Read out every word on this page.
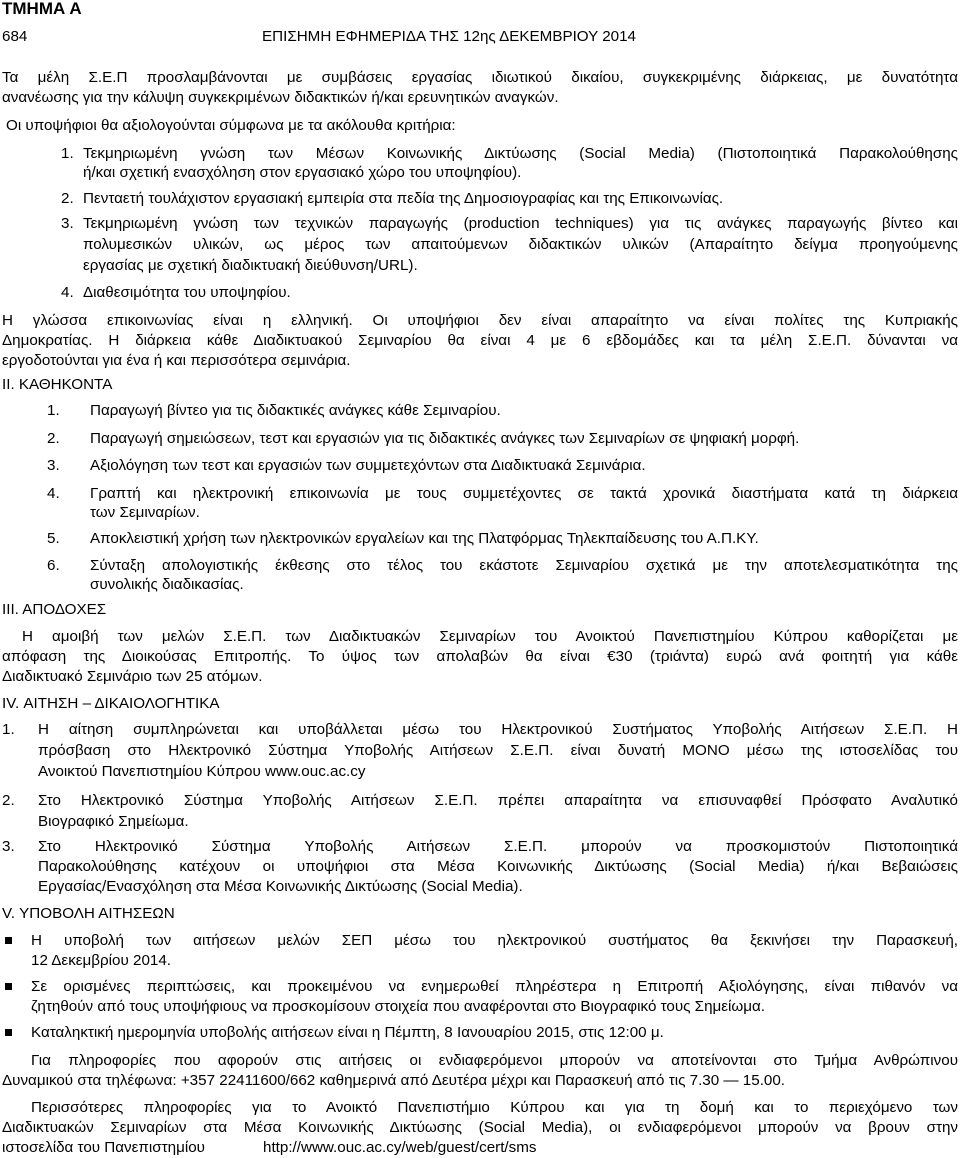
ΤΜΗΜΑ Α
684	ΕΠΙΣΗΜΗ ΕΦΗΜΕΡΙΔΑ ΤΗΣ 12ης ΔΕΚΕΜΒΡΙΟΥ 2014
Τα μέλη Σ.Ε.Π προσλαμβάνονται με συμβάσεις εργασίας ιδιωτικού δικαίου, συγκεκριμένης διάρκειας, με δυνατότητα
ανανέωσης για την κάλυψη συγκεκριμένων διδακτικών ή/και ερευνητικών αναγκών.
Οι υποψήφιοι θα αξιολογούνται σύμφωνα με τα ακόλουθα κριτήρια:
1. Τεκμηριωμένη γνώση των Μέσων Κοινωνικής Δικτύωσης (Social Media) (Πιστοποιητικά Παρακολούθησης
ή/και σχετική ενασχόληση στον εργασιακό χώρο του υποψηφίου).
2. Πενταετή τουλάχιστον εργασιακή εμπειρία στα πεδία της Δημοσιογραφίας και της Επικοινωνίας.
3. Τεκμηριωμένη γνώση των τεχνικών παραγωγής (production techniques) για τις ανάγκες παραγωγής βίντεο και
πολυμεσικών υλικών, ως μέρος των απαιτούμενων διδακτικών υλικών (Απαραίτητο δείγμα προηγούμενης
εργασίας με σχετική διαδικτυακή διεύθυνση/URL).
4. Διαθεσιμότητα του υποψηφίου.
Η γλώσσα επικοινωνίας είναι η ελληνική. Οι υποψήφιοι δεν είναι απαραίτητο να είναι πολίτες της Κυπριακής
Δημοκρατίας. Η διάρκεια κάθε Διαδικτυακού Σεμιναρίου θα είναι 4 με 6 εβδομάδες και τα μέλη Σ.Ε.Π. δύνανται να
εργοδοτούνται για ένα ή και περισσότερα σεμινάρια.
ΙΙ. ΚΑΘΗΚΟΝΤΑ
1. Παραγωγή βίντεο για τις διδακτικές ανάγκες κάθε Σεμιναρίου.
2. Παραγωγή σημειώσεων, τεστ και εργασιών για τις διδακτικές ανάγκες των Σεμιναρίων σε ψηφιακή μορφή.
3. Αξιολόγηση των τεστ και εργασιών των συμμετεχόντων στα Διαδικτυακά Σεμινάρια.
4. Γραπτή και ηλεκτρονική επικοινωνία με τους συμμετέχοντες σε τακτά χρονικά διαστήματα κατά τη διάρκεια
των Σεμιναρίων.
5. Αποκλειστική χρήση των ηλεκτρονικών εργαλείων και της Πλατφόρμας Τηλεκπαίδευσης του Α.Π.ΚΥ.
6. Σύνταξη απολογιστικής έκθεσης στο τέλος του εκάστοτε Σεμιναρίου σχετικά με την αποτελεσματικότητα της
συνολικής διαδικασίας.
ΙΙΙ. ΑΠΟΔΟΧΕΣ
Η αμοιβή των μελών Σ.Ε.Π. των Διαδικτυακών Σεμιναρίων του Ανοικτού Πανεπιστημίου Κύπρου καθορίζεται με
απόφαση της Διοικούσας Επιτροπής. Το ύψος των απολαβών θα είναι €30 (τριάντα) ευρώ ανά φοιτητή για κάθε
Διαδικτυακό Σεμινάριο των 25 ατόμων.
ΙV. ΑΙΤΗΣΗ – ΔΙΚΑΙΟΛΟΓΗΤΙΚΑ
1. Η αίτηση συμπληρώνεται και υποβάλλεται μέσω του Ηλεκτρονικού Συστήματος Υποβολής Αιτήσεων Σ.Ε.Π. Η
πρόσβαση στο Ηλεκτρονικό Σύστημα Υποβολής Αιτήσεων Σ.Ε.Π. είναι δυνατή ΜΟΝΟ μέσω της ιστοσελίδας του
Ανοικτού Πανεπιστημίου Κύπρου www.ouc.ac.cy
2. Στο Ηλεκτρονικό Σύστημα Υποβολής Αιτήσεων Σ.Ε.Π. πρέπει απαραίτητα να επισυναφθεί Πρόσφατο Αναλυτικό
Βιογραφικό Σημείωμα.
3. Στο Ηλεκτρονικό Σύστημα Υποβολής Αιτήσεων Σ.Ε.Π. μπορούν να προσκομιστούν Πιστοποιητικά
Παρακολούθησης κατέχουν οι υποψήφιοι στα Μέσα Κοινωνικής Δικτύωσης (Social Media) ή/και Βεβαιώσεις
Εργασίας/Ενασχόληση στα Μέσα Κοινωνικής Δικτύωσης (Social Media).
V. ΥΠΟΒΟΛΗ ΑΙΤΗΣΕΩΝ
Η υποβολή των αιτήσεων μελών ΣΕΠ μέσω του ηλεκτρονικού συστήματος θα ξεκινήσει την Παρασκευή,
12 Δεκεμβρίου 2014.
Σε ορισμένες περιπτώσεις, και προκειμένου να ενημερωθεί πληρέστερα η Επιτροπή Αξιολόγησης, είναι πιθανόν να
ζητηθούν από τους υποψήφιους να προσκομίσουν στοιχεία που αναφέρονται στο Βιογραφικό τους Σημείωμα.
Καταληκτική ημερομηνία υποβολής αιτήσεων είναι η Πέμπτη, 8 Ιανουαρίου 2015, στις 12:00 μ.
Για πληροφορίες που αφορούν στις αιτήσεις οι ενδιαφερόμενοι μπορούν να αποτείνονται στο Τμήμα Ανθρώπινου
Δυναμικού στα τηλέφωνα: +357 22411600/662 καθημερινά από Δευτέρα μέχρι και Παρασκευή από τις 7.30 — 15.00.
Περισσότερες πληροφορίες για το Ανοικτό Πανεπιστήμιο Κύπρου και για τη δομή και το περιεχόμενο των
Διαδικτυακών Σεμιναρίων στα Μέσα Κοινωνικής Δικτύωσης (Social Media), οι ενδιαφερόμενοι μπορούν να βρουν στην
ιστοσελίδα του Πανεπιστημίου	http://www.ouc.ac.cy/web/guest/cert/sms
